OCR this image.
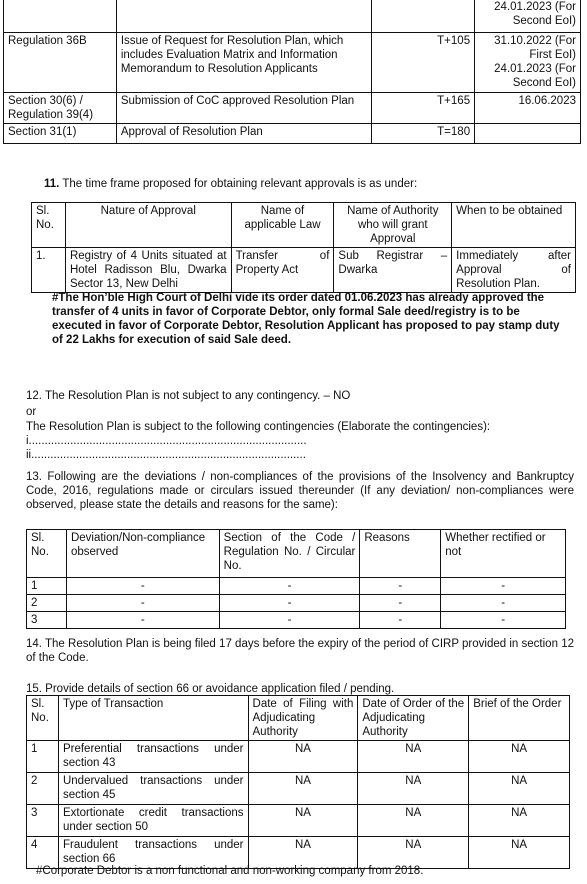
			24.01.2023 (For Second EoI)
Regulation 36B	Issue of Request for Resolution Plan, which includes Evaluation Matrix and Information Memorandum to Resolution Applicants	T+105	31.10.2022 (For First EoI) 24.01.2023 (For Second EoI)
Section 30(6) / Regulation 39(4)	Submission of CoC approved Resolution Plan	T+165	16.06.2023
Section 31(1)	Approval of Resolution Plan	T=180	
11. The time frame proposed for obtaining relevant approvals is as under:
Sl. No.	Nature of Approval	Name of applicable Law	Name of Authority who will grant Approval	When to be obtained
1.	Registry of 4 Units situated at Hotel Radisson Blu, Dwarka Sector 13, New Delhi	Transfer of Property Act	Sub Registrar – Dwarka	Immediately after Approval of Resolution Plan.
#The Hon’ble High Court of Delhi vide its order dated 01.06.2023 has already approved the transfer of 4 units in favor of Corporate Debtor, only formal Sale deed/registry is to be executed in favor of Corporate Debtor, Resolution Applicant has proposed to pay stamp duty of 22 Lakhs for execution of said Sale deed.
12. The Resolution Plan is not subject to any contingency. – NO
or
The Resolution Plan is subject to the following contingencies (Elaborate the contingencies):
i.......................................................................................
ii......................................................................................
13. Following are the deviations / non-compliances of the provisions of the Insolvency and Bankruptcy Code, 2016, regulations made or circulars issued thereunder (If any deviation/ non-compliances were observed, please state the details and reasons for the same):
Sl. No.	Deviation/Non-compliance observed	Section of the Code / Regulation No. / Circular No.	Reasons	Whether rectified or not
1	-	-	-	-
2	-	-	-	-
3	-	-	-	-
14. The Resolution Plan is being filed 17 days before the expiry of the period of CIRP provided in section 12 of the Code.
15. Provide details of section 66 or avoidance application filed / pending.
Sl. No.	Type of Transaction	Date of Filing with Adjudicating Authority	Date of Order of the Adjudicating Authority	Brief of the Order
1	Preferential transactions under section 43	NA	NA	NA
2	Undervalued transactions under section 45	NA	NA	NA
3	Extortionate credit transactions under section 50	NA	NA	NA
4	Fraudulent transactions under section 66	NA	NA	NA
#Corporate Debtor is a non functional and non-working company from 2018.
